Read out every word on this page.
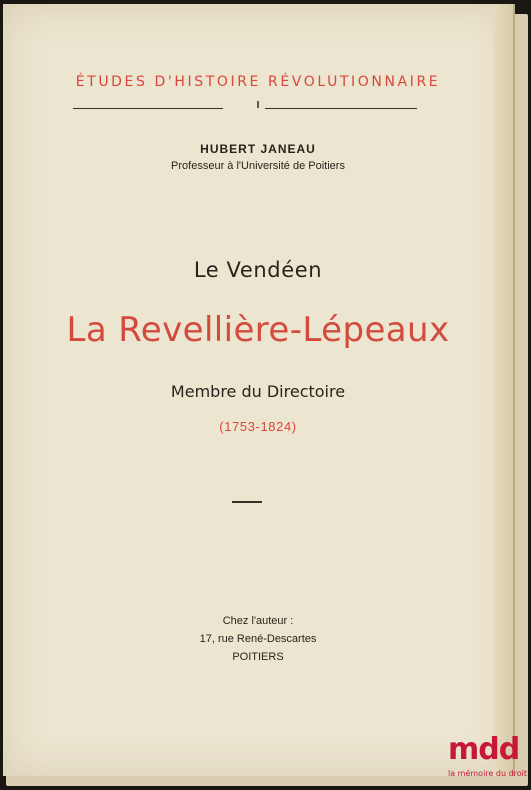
ÉTUDES D'HISTOIRE RÉVOLUTIONNAIRE
I
HUBERT JANEAU
Professeur à l'Université de Poitiers
Le Vendéen
La Revellière-Lépeaux
Membre du Directoire
(1753-1824)
Chez l'auteur :
17, rue René-Descartes
POITIERS
mdd
la mémoire du droit
